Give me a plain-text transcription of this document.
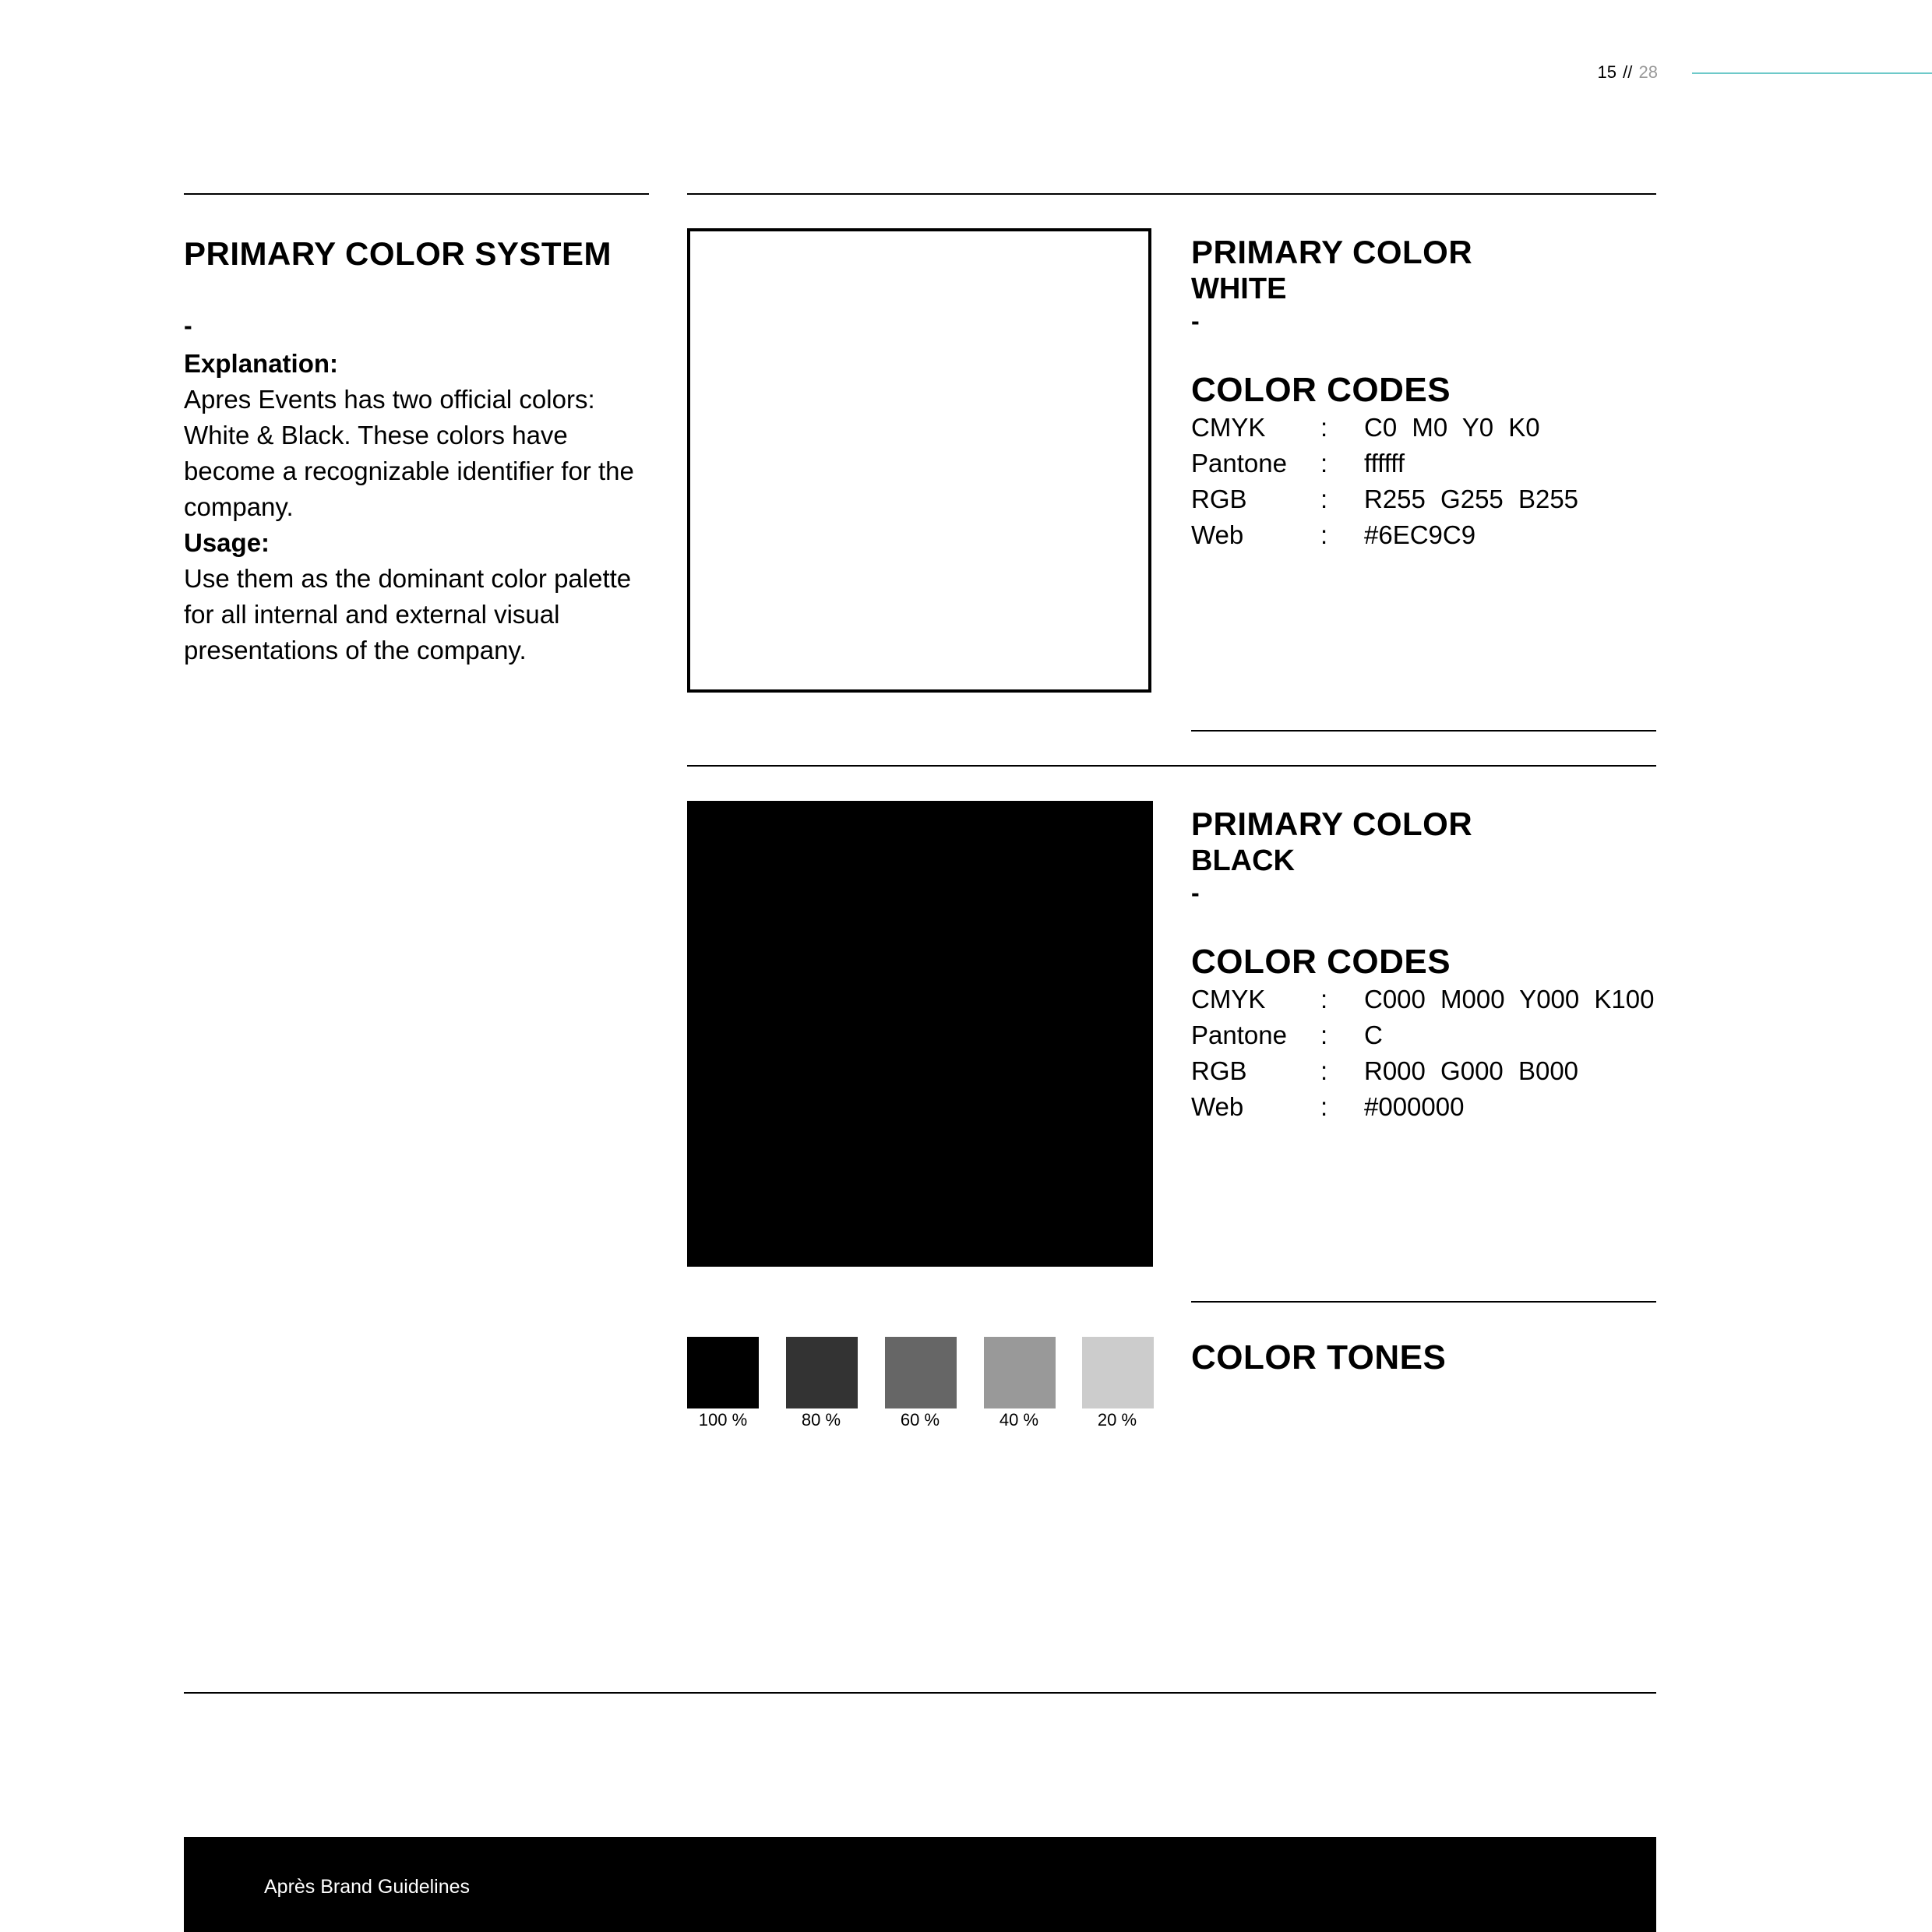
15 // 28
PRIMARY COLOR SYSTEM
-
Explanation:
Apres Events has two official colors: White & Black. These colors have become a recognizable identifier for the company.
Usage:
Use them as the dominant color palette for all internal and external visual presentations of the company.
PRIMARY COLOR
WHITE
-
COLOR CODES
CMYK : C0 M0 Y0 K0
Pantone : ffffff
RGB	: R255 G255 B255
Web	: #6EC9C9
PRIMARY COLOR
BLACK
-
COLOR CODES
CMYK : C000 M000 Y000 K100
Pantone : C
RGB	: R000 G000 B000
Web	: #000000
100 %	80 %	60 %	40 %	20 %
COLOR TONES
Après Brand Guidelines
